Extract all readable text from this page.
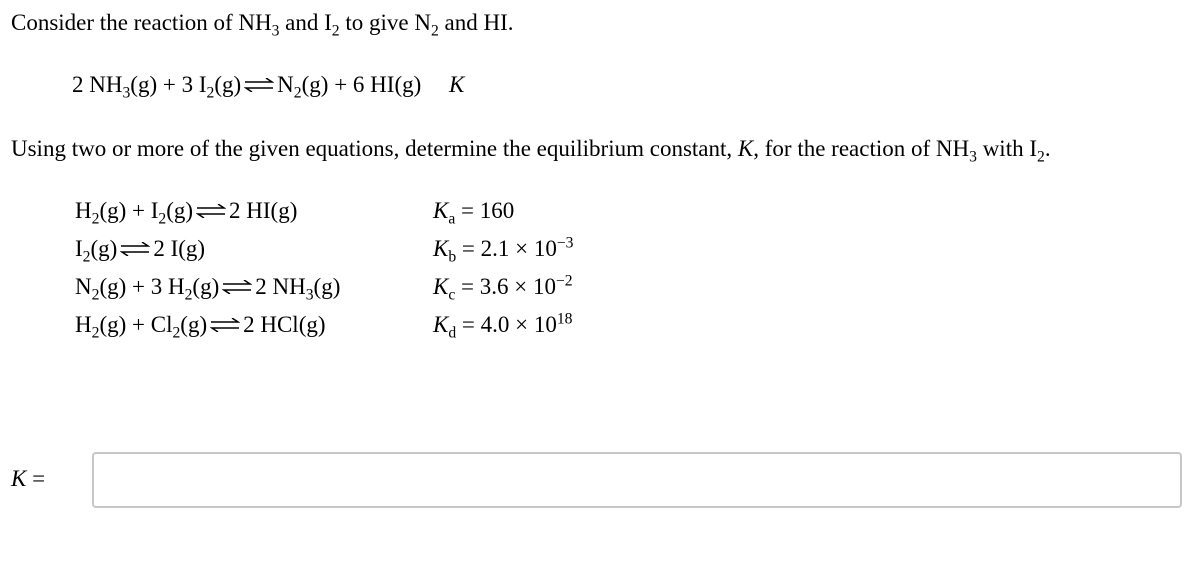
Consider the reaction of $NH_3$ and $I_2$ to give $N_2$ and HI.
2 $NH_3(g) + 3$ $I_2(g)$ ⇌ $N_2(g) + 6$ HI(g) K
Using two or more of the given equations, determine the equilibrium constant, K, for the reaction of $NH_3$ with $I_2$.
$H_2(g) + I_2(g)$ ⇌ 2 HI(g)	$K_a = 160$
$I_2(g)$ ⇌ 2 I(g)	$K_b = 2.1 \times 10^{-3}$
$N_2(g) + 3$ $H_2(g)$ ⇌ 2 $NH_3(g)$	$K_c = 3.6 \times 10^{-2}$
$H_2(g) + Cl_2(g)$ ⇌ 2 HCl(g)	$K_d = 4.0 \times 10^{18}$
K =
